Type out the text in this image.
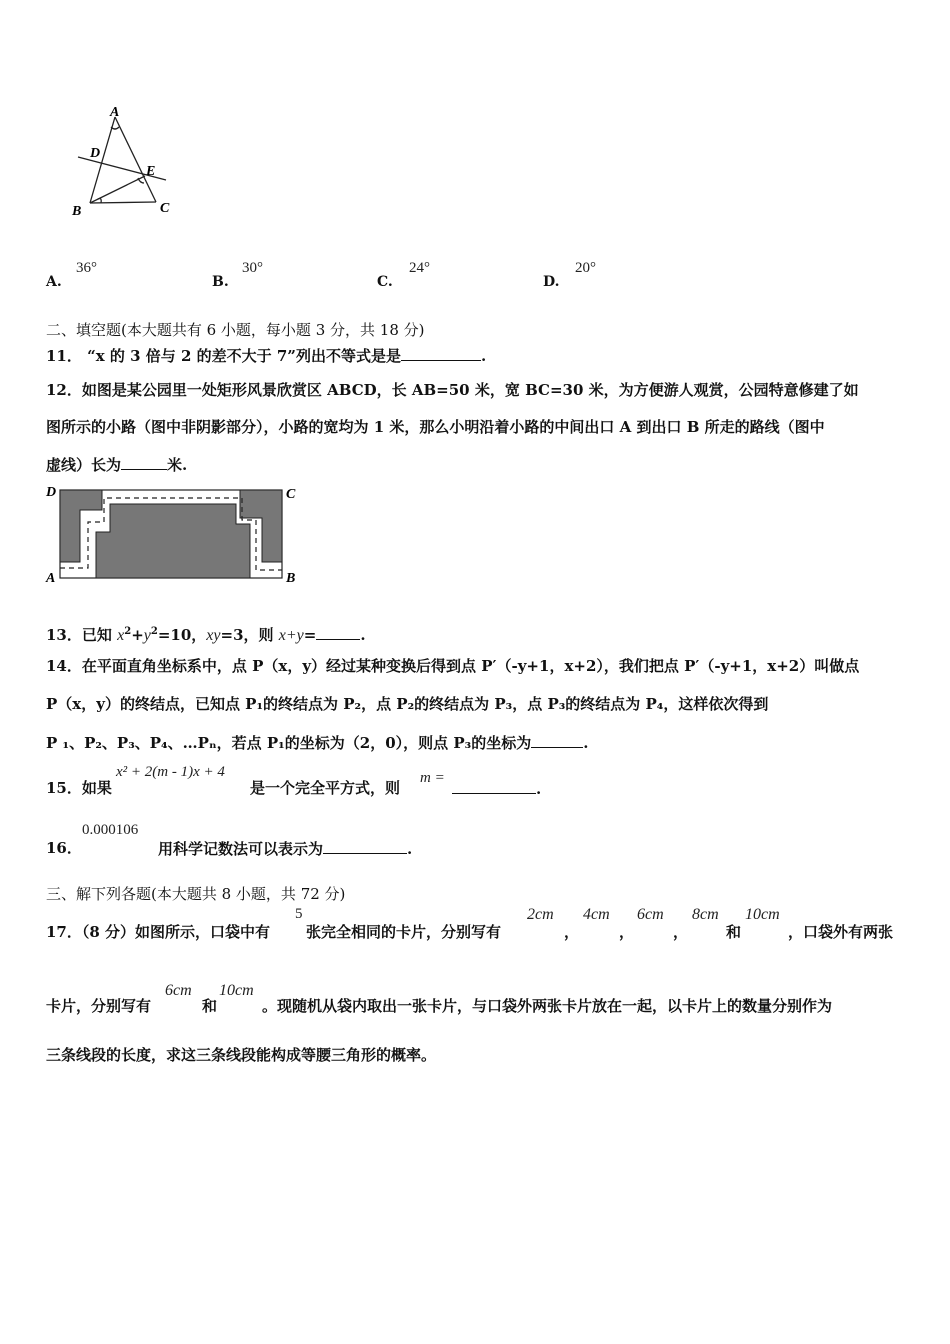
A
D
E
B	C
A.
36°
B.
30°
C.
24°
D.
20°
二、填空题(本大题共有 6 小题，每小题 3 分，共 18 分)
11． “x 的 3 倍与 2 的差不大于 7”列出不等式是是	.
12．如图是某公园里一处矩形风景欣赏区 ABCD，长 AB=50 米，宽 BC=30 米，为方便游人观赏，公园特意修建了如
图所示的小路（图中非阴影部分），小路的宽均为 1 米，那么小明沿着小路的中间出口 A 到出口 B 所走的路线（图中
虚线）长为	米.
D	C
A	B
13．已知 $x^2+y^2=10$，xy=3，则 x+y=	.
14．在平面直角坐标系中，点 P（x，y）经过某种变换后得到点 P′（-y+1，x+2），我们把点 P′（-y+1，x+2）叫做点
P（x，y）的终结点，已知点 P₁的终结点为 P₂，点 P₂的终结点为 P₃，点 P₃的终结点为 P₄，这样依次得到
P ₁、P₂、P₃、P₄、…Pₙ，若点 P₁的坐标为（2，0），则点 P₃的坐标为	.
15．如果
x² + 2(m - 1)x + 4
是一个完全平方式，则
m =
.
16．
0.000106
用科学记数法可以表示为	.
三、解下列各题(本大题共 8 小题，共 72 分)
17．（8 分）如图所示，口袋中有
5
张完全相同的卡片，分别写有
2cm
，
4cm
，
6cm
，
8cm
和
10cm
，口袋外有两张
卡片，分别写有
6cm
和
10cm
。现随机从袋内取出一张卡片，与口袋外两张卡片放在一起，以卡片上的数量分别作为
三条线段的长度，求这三条线段能构成等腰三角形的概率。
